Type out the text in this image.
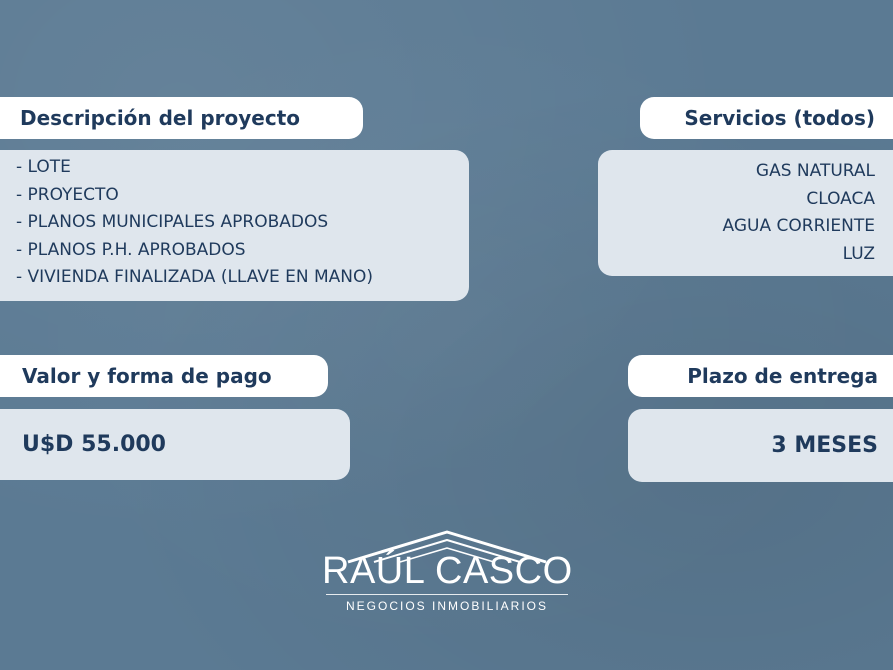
Descripción del proyecto
- LOTE
- PROYECTO
- PLANOS MUNICIPALES APROBADOS
- PLANOS P.H. APROBADOS
- VIVIENDA FINALIZADA (LLAVE EN MANO)
Servicios (todos)
GAS NATURAL
CLOACA
AGUA CORRIENTE
LUZ
Valor y forma de pago
U$D 55.000
Plazo de entrega
3 MESES
RAÚL CASCO
NEGOCIOS INMOBILIARIOS
